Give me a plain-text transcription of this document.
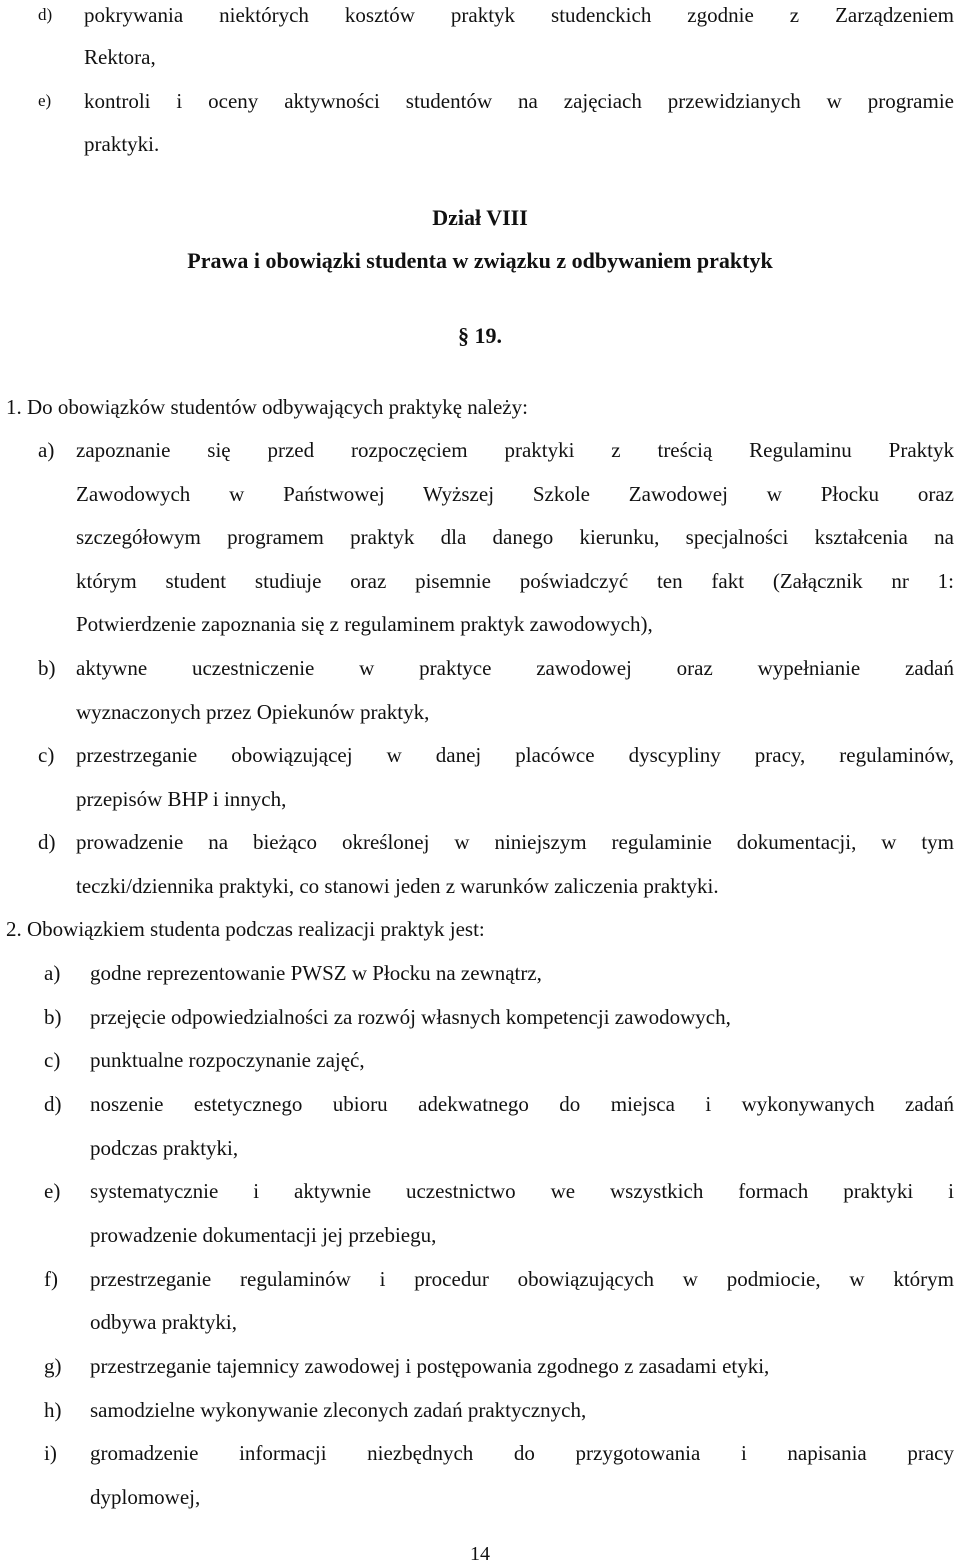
d) pokrywania niektórych kosztów praktyk studenckich zgodnie z Zarządzeniem
Rektora,
e) kontroli i oceny aktywności studentów na zajęciach przewidzianych w programie
praktyki.
Dział VIII
Prawa i obowiązki studenta w związku z odbywaniem praktyk
§ 19.
1. Do obowiązków studentów odbywających praktykę należy:
a) zapoznanie się przed rozpoczęciem praktyki z treścią Regulaminu Praktyk
Zawodowych w Państwowej Wyższej Szkole Zawodowej w Płocku oraz
szczegółowym programem praktyk dla danego kierunku, specjalności kształcenia na
którym student studiuje oraz pisemnie poświadczyć ten fakt (Załącznik nr 1:
Potwierdzenie zapoznania się z regulaminem praktyk zawodowych),
b) aktywne uczestniczenie w praktyce zawodowej oraz wypełnianie zadań
wyznaczonych przez Opiekunów praktyk,
c) przestrzeganie obowiązującej w danej placówce dyscypliny pracy, regulaminów,
przepisów BHP i innych,
d) prowadzenie na bieżąco określonej w niniejszym regulaminie dokumentacji, w tym
teczki/dziennika praktyki, co stanowi jeden z warunków zaliczenia praktyki.
2. Obowiązkiem studenta podczas realizacji praktyk jest:
a) godne reprezentowanie PWSZ w Płocku na zewnątrz,
b) przejęcie odpowiedzialności za rozwój własnych kompetencji zawodowych,
c) punktualne rozpoczynanie zajęć,
d) noszenie estetycznego ubioru adekwatnego do miejsca i wykonywanych zadań
podczas praktyki,
e) systematycznie i aktywnie uczestnictwo we wszystkich formach praktyki i
prowadzenie dokumentacji jej przebiegu,
f) przestrzeganie regulaminów i procedur obowiązujących w podmiocie, w którym
odbywa praktyki,
g) przestrzeganie tajemnicy zawodowej i postępowania zgodnego z zasadami etyki,
h) samodzielne wykonywanie zleconych zadań praktycznych,
i) gromadzenie informacji niezbędnych do przygotowania i napisania pracy
dyplomowej,
14
